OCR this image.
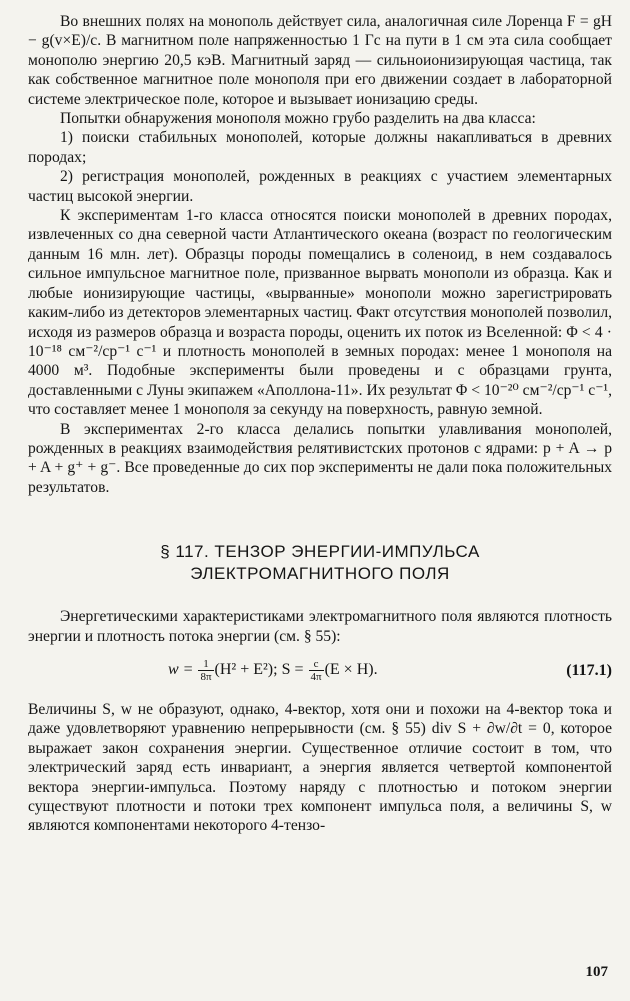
Во внешних полях на монополь действует сила, аналогичная силе Лоренца F = gH − g(v×E)/c. В магнитном поле напряженностью 1 Гс на пути в 1 см эта сила сообщает монополю энергию 20,5 кэВ. Магнитный заряд — сильноионизирующая частица, так как собственное магнитное поле монополя при его движении создает в лабораторной системе электрическое поле, которое и вызывает ионизацию среды.

Попытки обнаружения монополя можно грубо разделить на два класса:

1) поиски стабильных монополей, которые должны накапливаться в древних породах;

2) регистрация монополей, рожденных в реакциях с участием элементарных частиц высокой энергии.

К экспериментам 1-го класса относятся поиски монополей в древних породах, извлеченных со дна северной части Атлантического океана (возраст по геологическим данным 16 млн. лет). Образцы породы помещались в соленоид, в нем создавалось сильное импульсное магнитное поле, призванное вырвать монополи из образца. Как и любые ионизирующие частицы, «вырванные» монополи можно зарегистрировать каким-либо из детекторов элементарных частиц. Факт отсутствия монополей позволил, исходя из размеров образца и возраста породы, оценить их поток из Вселенной: Φ < 4 · 10⁻¹⁸ см⁻²/ср⁻¹ с⁻¹ и плотность монополей в земных породах: менее 1 монополя на 4000 м³. Подобные эксперименты были проведены и с образцами грунта, доставленными с Луны экипажем «Аполлона-11». Их результат Φ < 10⁻²⁰ см⁻²/ср⁻¹ с⁻¹, что составляет менее 1 монополя за секунду на поверхность, равную земной.

В экспериментах 2-го класса делались попытки улавливания монополей, рожденных в реакциях взаимодействия релятивистских протонов с ядрами: p + A → p + A + g⁺ + g⁻. Все проведенные до сих пор эксперименты не дали пока положительных результатов.

§ 117. ТЕНЗОР ЭНЕРГИИ-ИМПУЛЬСА
ЭЛЕКТРОМАГНИТНОГО ПОЛЯ

Энергетическими характеристиками электромагнитного поля являются плотность энергии и плотность потока энергии (см. § 55):

$w = \frac{1}{8\pi} (H^2 + E^2)$; $S = \frac{c}{4\pi} (E \times H)$.	(117.1)

Величины S, w не образуют, однако, 4-вектор, хотя они и похожи на 4-вектор тока и даже удовлетворяют уравнению непрерывности (см. § 55) div S + ∂w/∂t = 0, которое выражает закон сохранения энергии. Существенное отличие состоит в том, что электрический заряд есть инвариант, а энергия является четвертой компонентой вектора энергии-импульса. Поэтому наряду с плотностью и потоком энергии существуют плотности и потоки трех компонент импульса поля, а величины S, w являются компонентами некоторого 4-тензо-

107
